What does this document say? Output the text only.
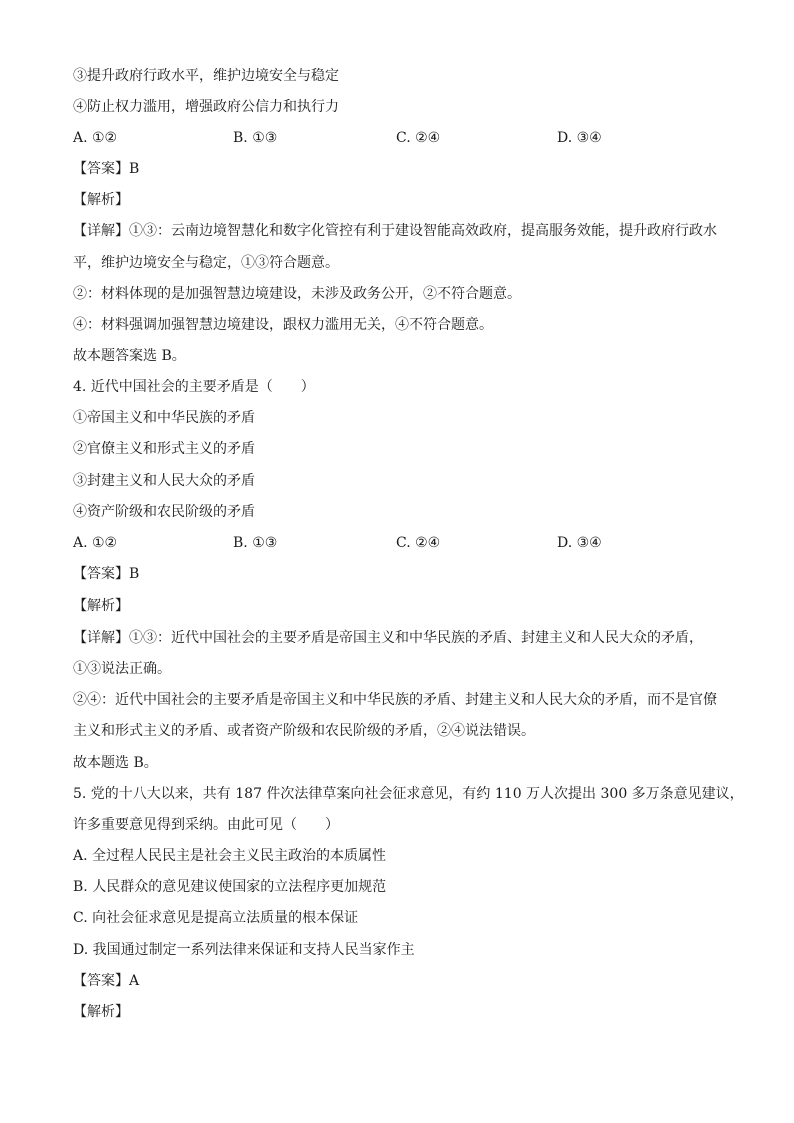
③提升政府行政水平，维护边境安全与稳定
④防止权力滥用，增强政府公信力和执行力
A. ①②	B. ①③	C. ②④	D. ③④
【答案】B
【解析】
【详解】①③：云南边境智慧化和数字化管控有利于建设智能高效政府，提高服务效能，提升政府行政水
平，维护边境安全与稳定，①③符合题意。
②：材料体现的是加强智慧边境建设，未涉及政务公开，②不符合题意。
④：材料强调加强智慧边境建设，跟权力滥用无关，④不符合题意。
故本题答案选 B。
4. 近代中国社会的主要矛盾是（　　）
①帝国主义和中华民族的矛盾
②官僚主义和形式主义的矛盾
③封建主义和人民大众的矛盾
④资产阶级和农民阶级的矛盾
A. ①②	B. ①③	C. ②④	D. ③④
【答案】B
【解析】
【详解】①③：近代中国社会的主要矛盾是帝国主义和中华民族的矛盾、封建主义和人民大众的矛盾，
①③说法正确。
②④：近代中国社会的主要矛盾是帝国主义和中华民族的矛盾、封建主义和人民大众的矛盾，而不是官僚
主义和形式主义的矛盾、或者资产阶级和农民阶级的矛盾，②④说法错误。
故本题选 B。
5. 党的十八大以来，共有 187 件次法律草案向社会征求意见，有约 110 万人次提出 300 多万条意见建议，
许多重要意见得到采纳。由此可见（　　）
A. 全过程人民民主是社会主义民主政治的本质属性
B. 人民群众的意见建议使国家的立法程序更加规范
C. 向社会征求意见是提高立法质量的根本保证
D. 我国通过制定一系列法律来保证和支持人民当家作主
【答案】A
【解析】
